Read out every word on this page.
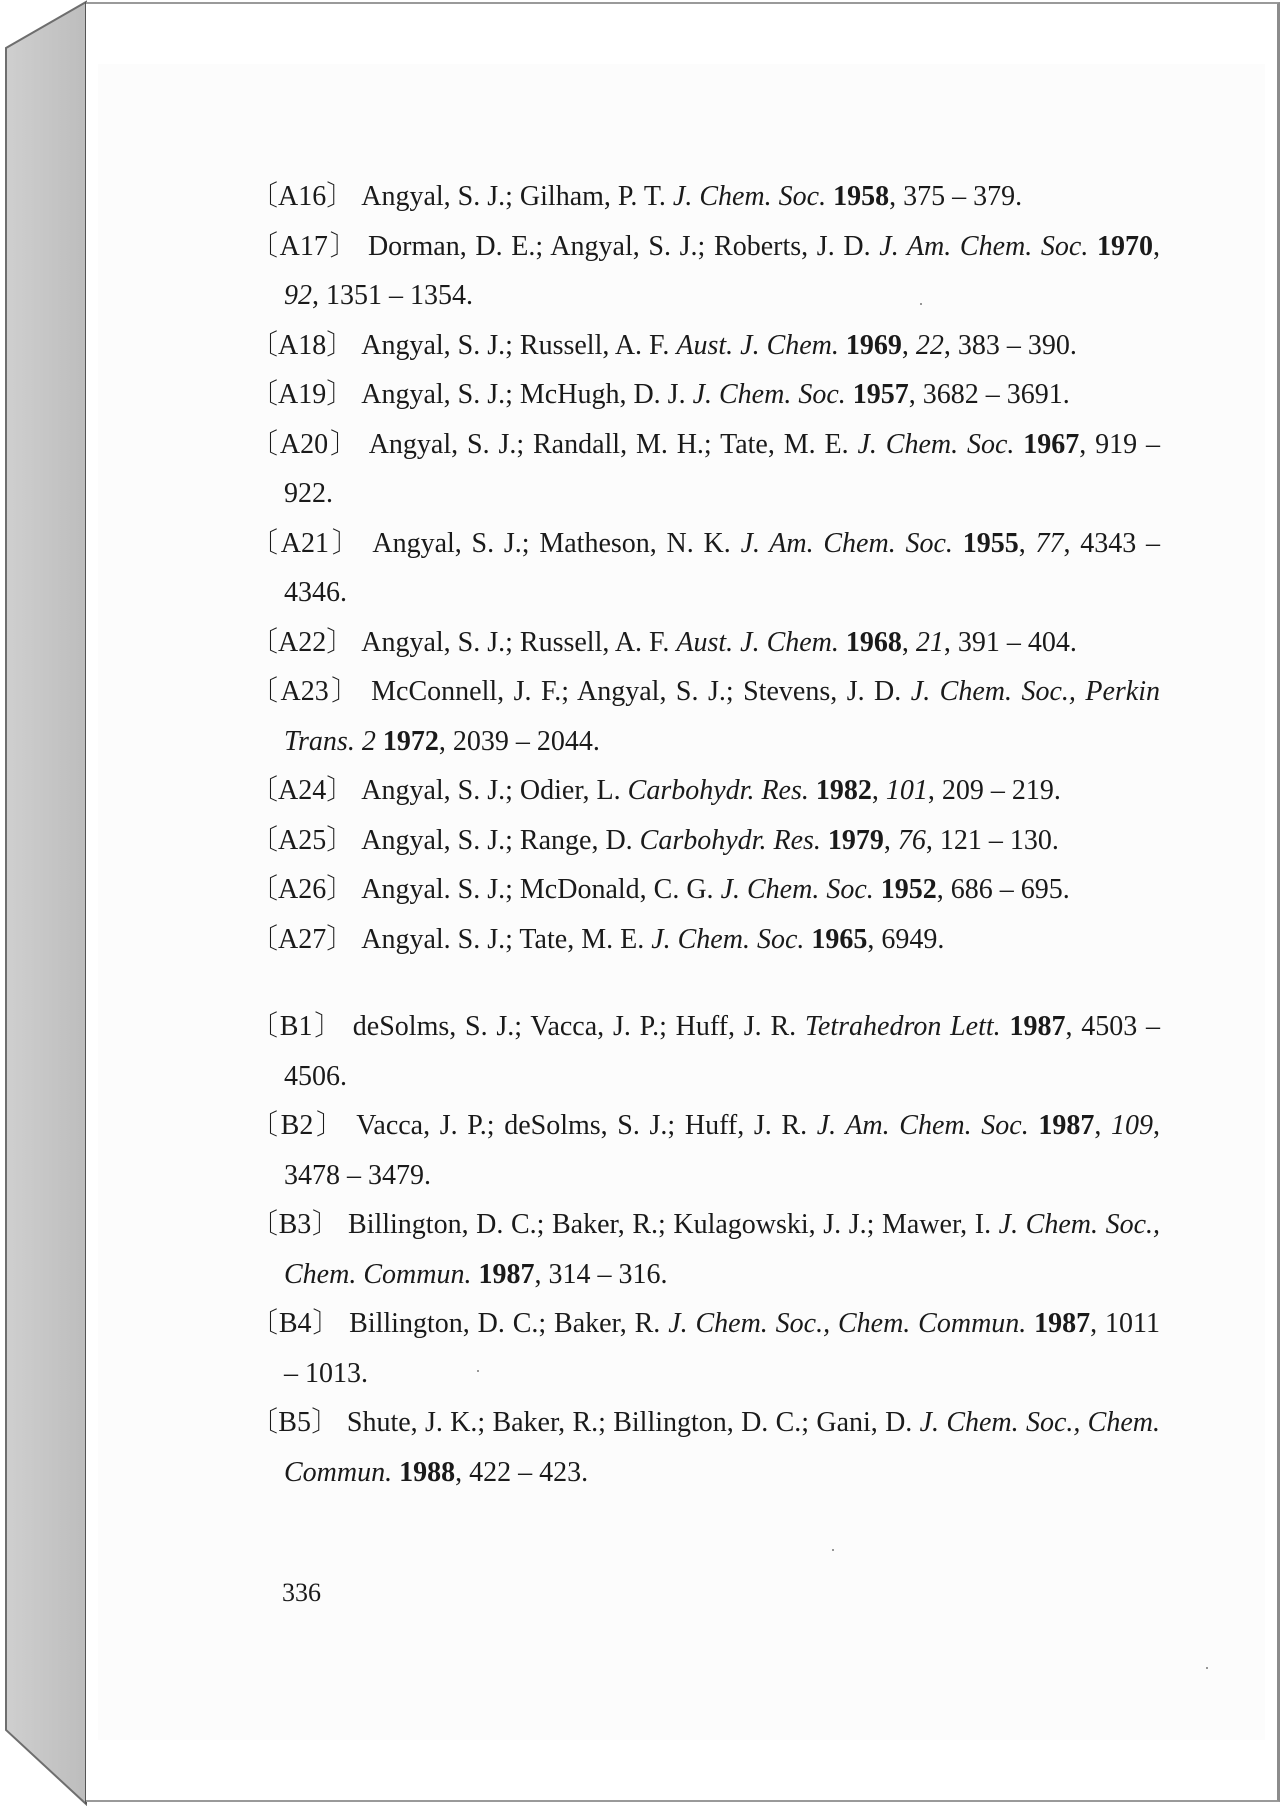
〔A16〕 Angyal, S. J.; Gilham, P. T. J. Chem. Soc. 1958, 375 – 379.
〔A17〕 Dorman, D. E.; Angyal, S. J.; Roberts, J. D. J. Am. Chem. Soc. 1970, 92, 1351 – 1354.
〔A18〕 Angyal, S. J.; Russell, A. F. Aust. J. Chem. 1969, 22, 383 – 390.
〔A19〕 Angyal, S. J.; McHugh, D. J. J. Chem. Soc. 1957, 3682 – 3691.
〔A20〕 Angyal, S. J.; Randall, M. H.; Tate, M. E. J. Chem. Soc. 1967, 919 – 922.
〔A21〕 Angyal, S. J.; Matheson, N. K. J. Am. Chem. Soc. 1955, 77, 4343 – 4346.
〔A22〕 Angyal, S. J.; Russell, A. F. Aust. J. Chem. 1968, 21, 391 – 404.
〔A23〕 McConnell, J. F.; Angyal, S. J.; Stevens, J. D. J. Chem. Soc., Perkin Trans. 2 1972, 2039 – 2044.
〔A24〕 Angyal, S. J.; Odier, L. Carbohydr. Res. 1982, 101, 209 – 219.
〔A25〕 Angyal, S. J.; Range, D. Carbohydr. Res. 1979, 76, 121 – 130.
〔A26〕 Angyal. S. J.; McDonald, C. G. J. Chem. Soc. 1952, 686 – 695.
〔A27〕 Angyal. S. J.; Tate, M. E. J. Chem. Soc. 1965, 6949.
〔B1〕 deSolms, S. J.; Vacca, J. P.; Huff, J. R. Tetrahedron Lett. 1987, 4503 – 4506.
〔B2〕 Vacca, J. P.; deSolms, S. J.; Huff, J. R. J. Am. Chem. Soc. 1987, 109, 3478 – 3479.
〔B3〕 Billington, D. C.; Baker, R.; Kulagowski, J. J.; Mawer, I. J. Chem. Soc., Chem. Commun. 1987, 314 – 316.
〔B4〕 Billington, D. C.; Baker, R. J. Chem. Soc., Chem. Commun. 1987, 1011 – 1013.
〔B5〕 Shute, J. K.; Baker, R.; Billington, D. C.; Gani, D. J. Chem. Soc., Chem. Commun. 1988, 422 – 423.
336
